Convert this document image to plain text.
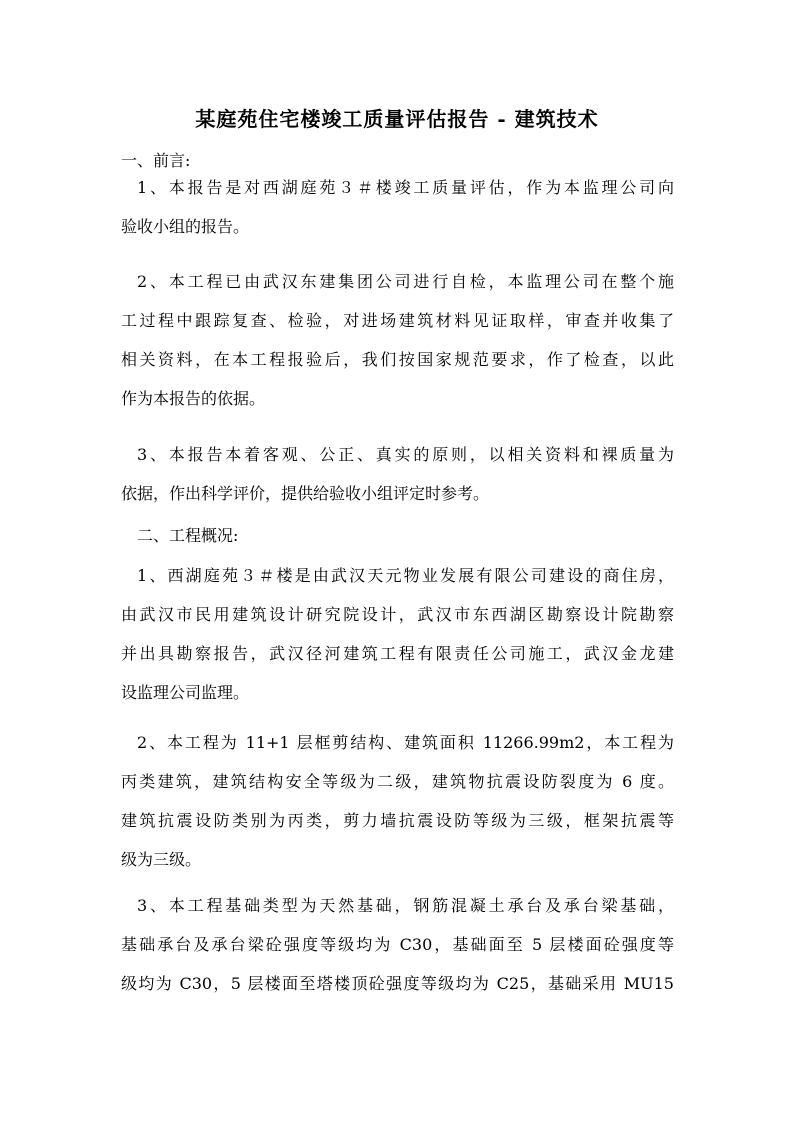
某庭苑住宅楼竣工质量评估报告 - 建筑技术
一、前言:
1、本报告是对西湖庭苑３＃楼竣工质量评估，作为本监理公司向
验收小组的报告。
2、本工程已由武汉东建集团公司进行自检，本监理公司在整个施
工过程中跟踪复查、检验，对进场建筑材料见证取样，审查并收集了
相关资料，在本工程报验后，我们按国家规范要求，作了检查，以此
作为本报告的依据。
3、本报告本着客观、公正、真实的原则，以相关资料和裸质量为
依据，作出科学评价，提供给验收小组评定时参考。
二、工程概况:
1、西湖庭苑３＃楼是由武汉天元物业发展有限公司建设的商住房，
由武汉市民用建筑设计研究院设计，武汉市东西湖区勘察设计院勘察
并出具勘察报告，武汉径河建筑工程有限责任公司施工，武汉金龙建
设监理公司监理。
2、本工程为 11+1 层框剪结构、建筑面积 11266.99m2，本工程为
丙类建筑，建筑结构安全等级为二级，建筑物抗震设防裂度为 6 度。
建筑抗震设防类别为丙类，剪力墙抗震设防等级为三级，框架抗震等
级为三级。
3、本工程基础类型为天然基础，钢筋混凝土承台及承台梁基础，
基础承台及承台梁砼强度等级均为 C30，基础面至 5 层楼面砼强度等
级均为 C30，5 层楼面至塔楼顶砼强度等级均为 C25，基础采用 MU15
